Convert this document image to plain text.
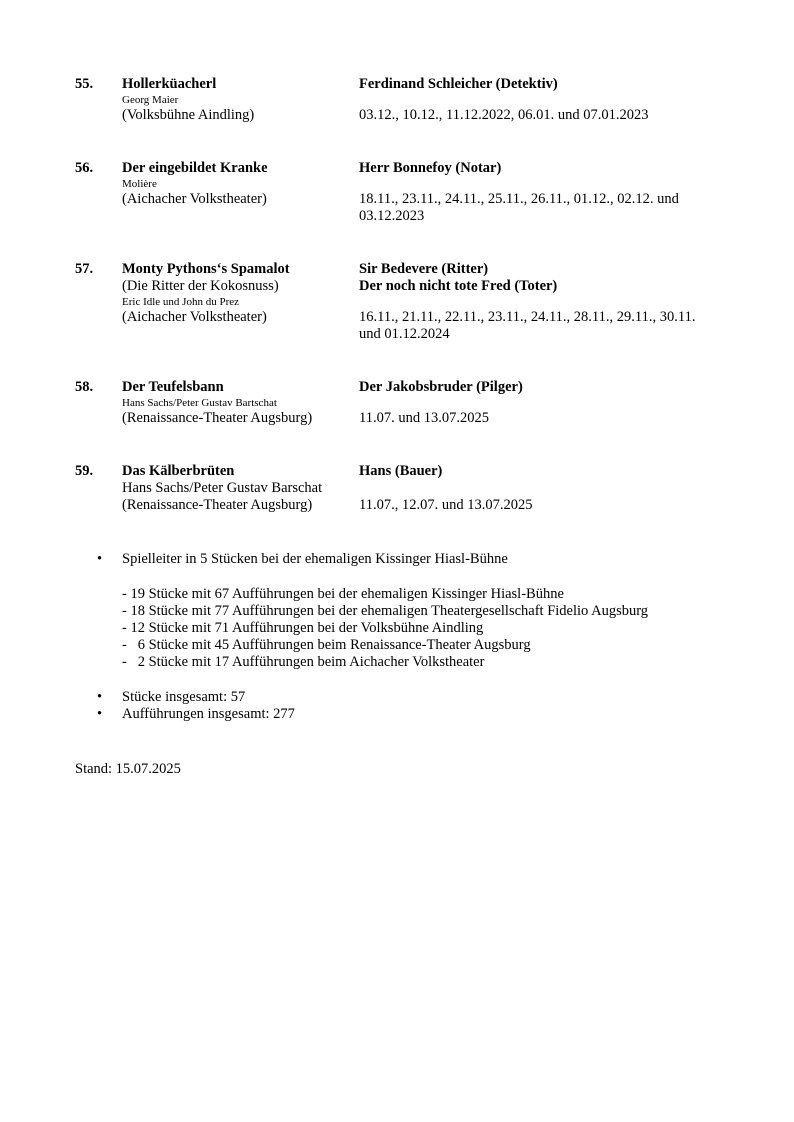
55. Hollerküacherl
Georg Maier
(Volksbühne Aindling)
Ferdinand Schleicher (Detektiv)
03.12., 10.12., 11.12.2022, 06.01. und 07.01.2023
56. Der eingebildet Kranke
Molière
(Aichacher Volkstheater)
Herr Bonnefoy (Notar)
18.11., 23.11., 24.11., 25.11., 26.11., 01.12., 02.12. und 03.12.2023
57. Monty Pythons‘s Spamalot
(Die Ritter der Kokosnuss)
Eric Idle und John du Prez
(Aichacher Volkstheater)
Sir Bedevere (Ritter)
Der noch nicht tote Fred (Toter)
16.11., 21.11., 22.11., 23.11., 24.11., 28.11., 29.11., 30.11. und 01.12.2024
58. Der Teufelsbann
Hans Sachs/Peter Gustav Bartschat
(Renaissance-Theater Augsburg)
Der Jakobsbruder (Pilger)
11.07. und 13.07.2025
59. Das Kälberbrüten
Hans Sachs/Peter Gustav Barschat
(Renaissance-Theater Augsburg)
Hans (Bauer)
11.07., 12.07. und 13.07.2025
• Spielleiter in 5 Stücken bei der ehemaligen Kissinger Hiasl-Bühne
- 19 Stücke mit 67 Aufführungen bei der ehemaligen Kissinger Hiasl-Bühne
- 18 Stücke mit 77 Aufführungen bei der ehemaligen Theatergesellschaft Fidelio Augsburg
- 12 Stücke mit 71 Aufführungen bei der Volksbühne Aindling
-   6 Stücke mit 45 Aufführungen beim Renaissance-Theater Augsburg
-   2 Stücke mit 17 Aufführungen beim Aichacher Volkstheater
• Stücke insgesamt: 57
• Aufführungen insgesamt: 277
Stand: 15.07.2025
